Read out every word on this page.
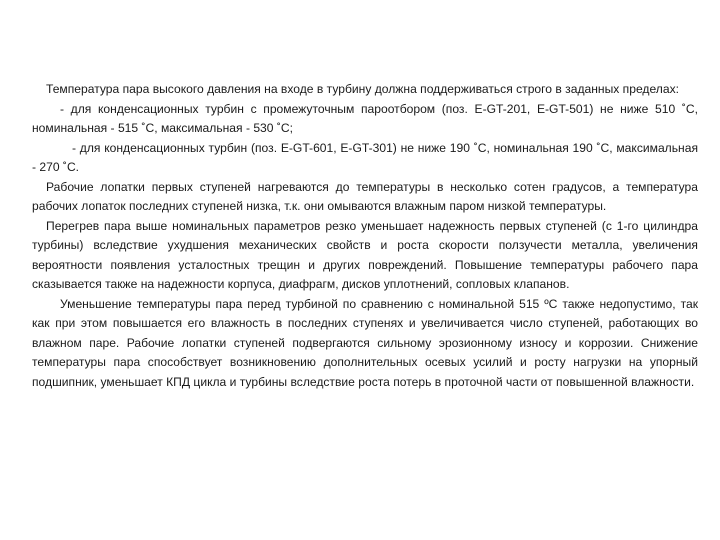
Температура пара высокого давления на входе в турбину должна поддерживаться строго в заданных пределах:

- для конденсационных турбин с промежуточным пароотбором (поз. E-GT-201, E-GT-501) не ниже 510 ˚С, номинальная - 515 ˚С, максимальная - 530 ˚С;

- для конденсационных турбин (поз. E-GT-601, E-GT-301) не ниже 190 ˚С, номинальная 190 ˚С, максимальная - 270 ˚С.

Рабочие лопатки первых ступеней нагреваются до температуры в несколько сотен градусов, а температура рабочих лопаток последних ступеней низка, т.к. они омываются влажным паром низкой температуры.

Перегрев пара выше номинальных параметров резко уменьшает надежность первых ступеней (с 1-го цилиндра турбины) вследствие ухудшения механических свойств и роста скорости ползучести металла, увеличения вероятности появления усталостных трещин и других повреждений. Повышение температуры рабочего пара сказывается также на надежности корпуса, диафрагм, дисков уплотнений, сопловых клапанов.

Уменьшение температуры пара перед турбиной по сравнению с номинальной 515 ºС также недопустимо, так как при этом повышается его влажность в последних ступенях и увеличивается число ступеней, работающих во влажном паре. Рабочие лопатки ступеней подвергаются сильному эрозионному износу и коррозии. Снижение температуры пара способствует возникновению дополнительных осевых усилий и росту нагрузки на упорный подшипник, уменьшает КПД цикла и турбины вследствие роста потерь в проточной части от повышенной влажности.
